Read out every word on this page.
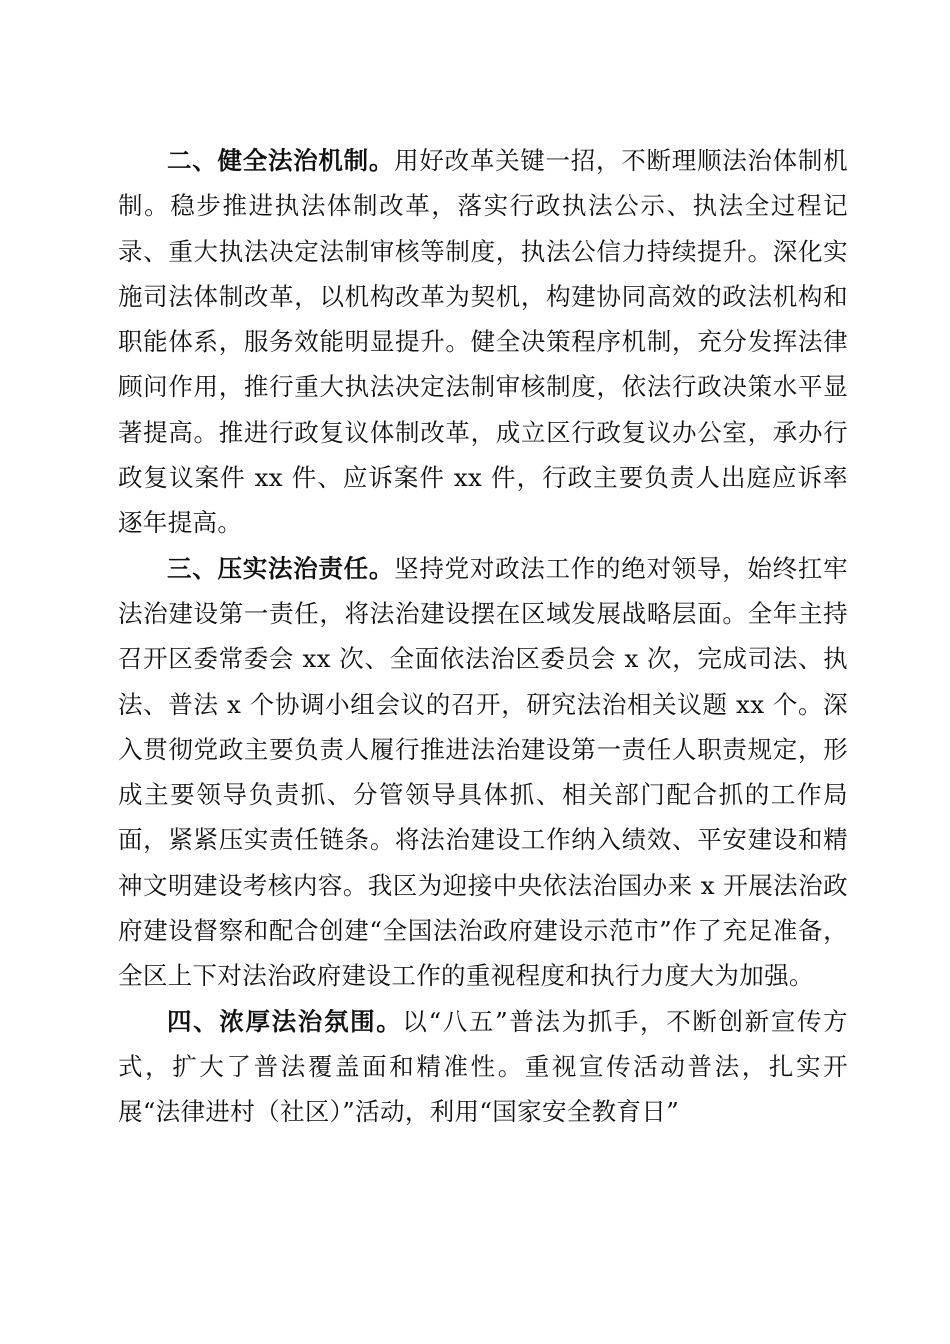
二、健全法治机制。用好改革关键一招，不断理顺法治体制机制。稳步推进执法体制改革，落实行政执法公示、执法全过程记录、重大执法决定法制审核等制度，执法公信力持续提升。深化实施司法体制改革，以机构改革为契机，构建协同高效的政法机构和职能体系，服务效能明显提升。健全决策程序机制，充分发挥法律顾问作用，推行重大执法决定法制审核制度，依法行政决策水平显著提高。推进行政复议体制改革，成立区行政复议办公室，承办行政复议案件 xx 件、应诉案件 xx 件，行政主要负责人出庭应诉率逐年提高。

三、压实法治责任。坚持党对政法工作的绝对领导，始终扛牢法治建设第一责任，将法治建设摆在区域发展战略层面。全年主持召开区委常委会 xx 次、全面依法治区委员会 x 次，完成司法、执法、普法 x 个协调小组会议的召开，研究法治相关议题 xx 个。深入贯彻党政主要负责人履行推进法治建设第一责任人职责规定，形成主要领导负责抓、分管领导具体抓、相关部门配合抓的工作局面，紧紧压实责任链条。将法治建设工作纳入绩效、平安建设和精神文明建设考核内容。我区为迎接中央依法治国办来 x 开展法治政府建设督察和配合创建“全国法治政府建设示范市”作了充足准备，全区上下对法治政府建设工作的重视程度和执行力度大为加强。

四、浓厚法治氛围。以“八五”普法为抓手，不断创新宣传方式，扩大了普法覆盖面和精准性。重视宣传活动普法，扎实开展“法律进村（社区）”活动，利用“国家安全教育日”
